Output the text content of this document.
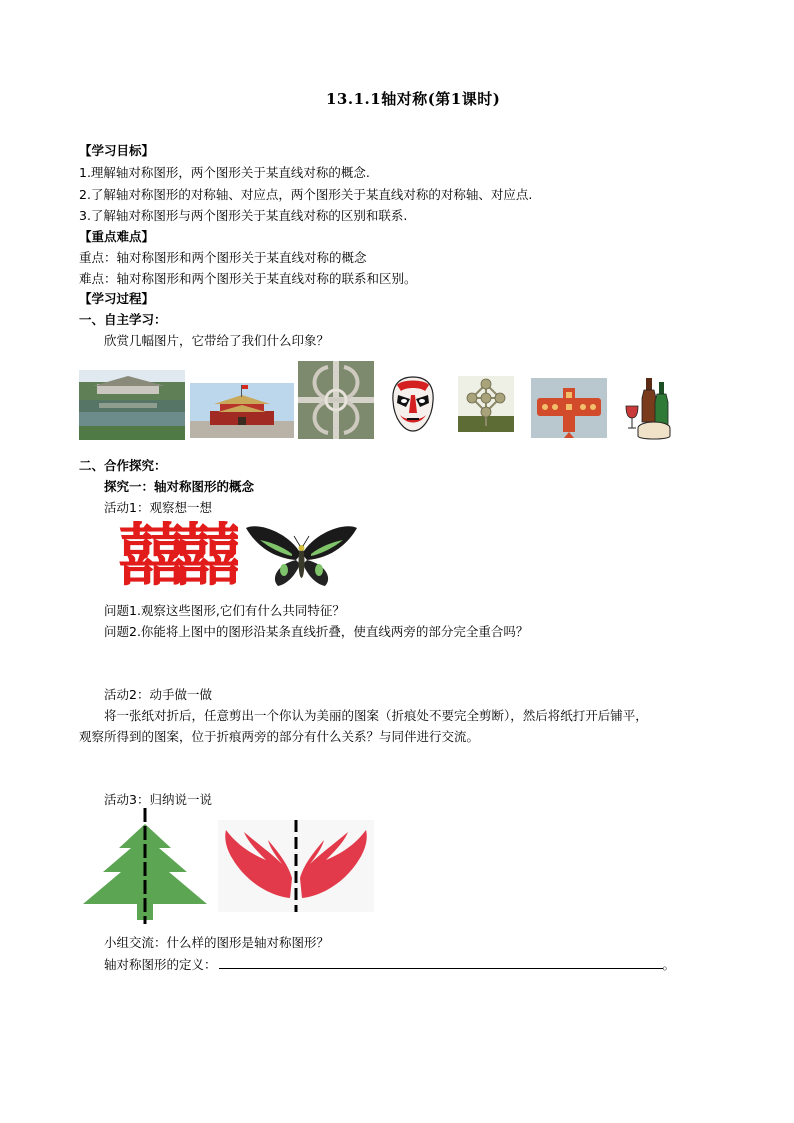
13.1.1轴对称(第1课时)
【学习目标】
1.理解轴对称图形，两个图形关于某直线对称的概念.
2.了解轴对称图形的对称轴、对应点，两个图形关于某直线对称的对称轴、对应点.
3.了解轴对称图形与两个图形关于某直线对称的区别和联系.
【重点难点】
重点：轴对称图形和两个图形关于某直线对称的概念
难点：轴对称图形和两个图形关于某直线对称的联系和区别。
【学习过程】
一、自主学习：
欣赏几幅图片，它带给了我们什么印象？
二、合作探究：
探究一：轴对称图形的概念
活动1：观察想一想
囍囍
问题1.观察这些图形,它们有什么共同特征？
问题2.你能将上图中的图形沿某条直线折叠，使直线两旁的部分完全重合吗？
活动2：动手做一做
将一张纸对折后，任意剪出一个你认为美丽的图案（折痕处不要完全剪断），然后将纸打开后铺平，
观察所得到的图案，位于折痕两旁的部分有什么关系？与同伴进行交流。
活动3：归纳说一说
小组交流：什么样的图形是轴对称图形？
轴对称图形的定义：	。
